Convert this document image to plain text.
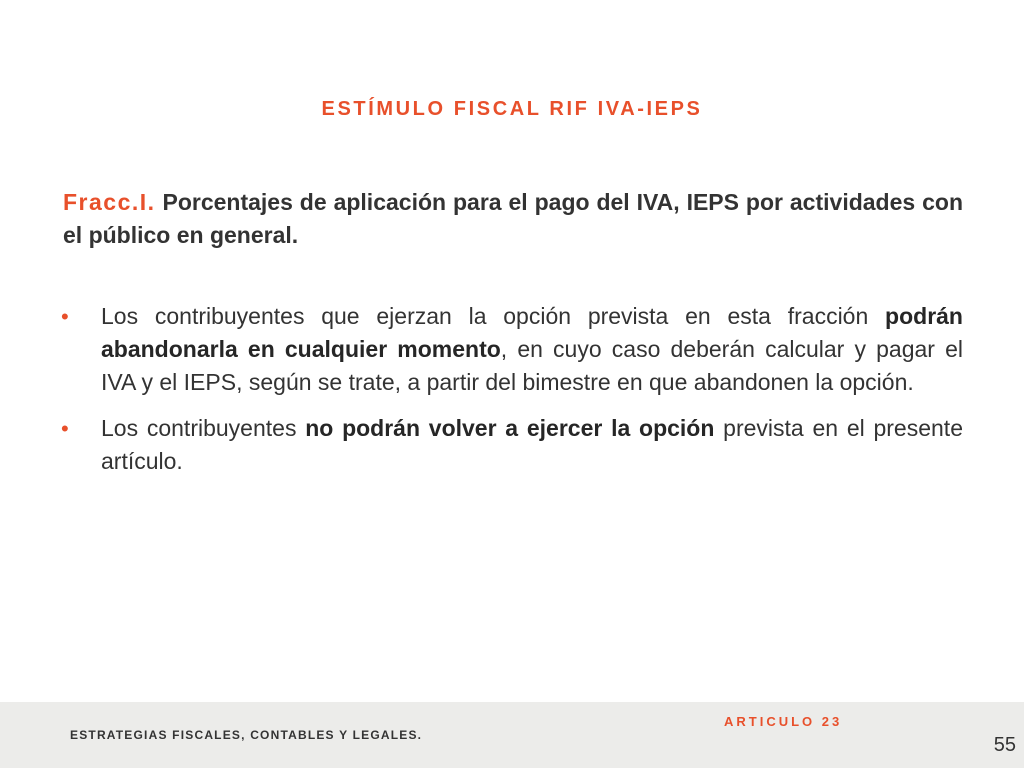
ESTÍMULO FISCAL RIF IVA-IEPS
Fracc.I. Porcentajes de aplicación para el pago del IVA, IEPS por actividades con el público en general.
• Los contribuyentes que ejerzan la opción prevista en esta fracción podrán abandonarla en cualquier momento, en cuyo caso deberán calcular y pagar el IVA y el IEPS, según se trate, a partir del bimestre en que abandonen la opción.
• Los contribuyentes no podrán volver a ejercer la opción prevista en el presente artículo.
ESTRATEGIAS FISCALES, CONTABLES Y LEGALES.
ARTICULO 23
55
